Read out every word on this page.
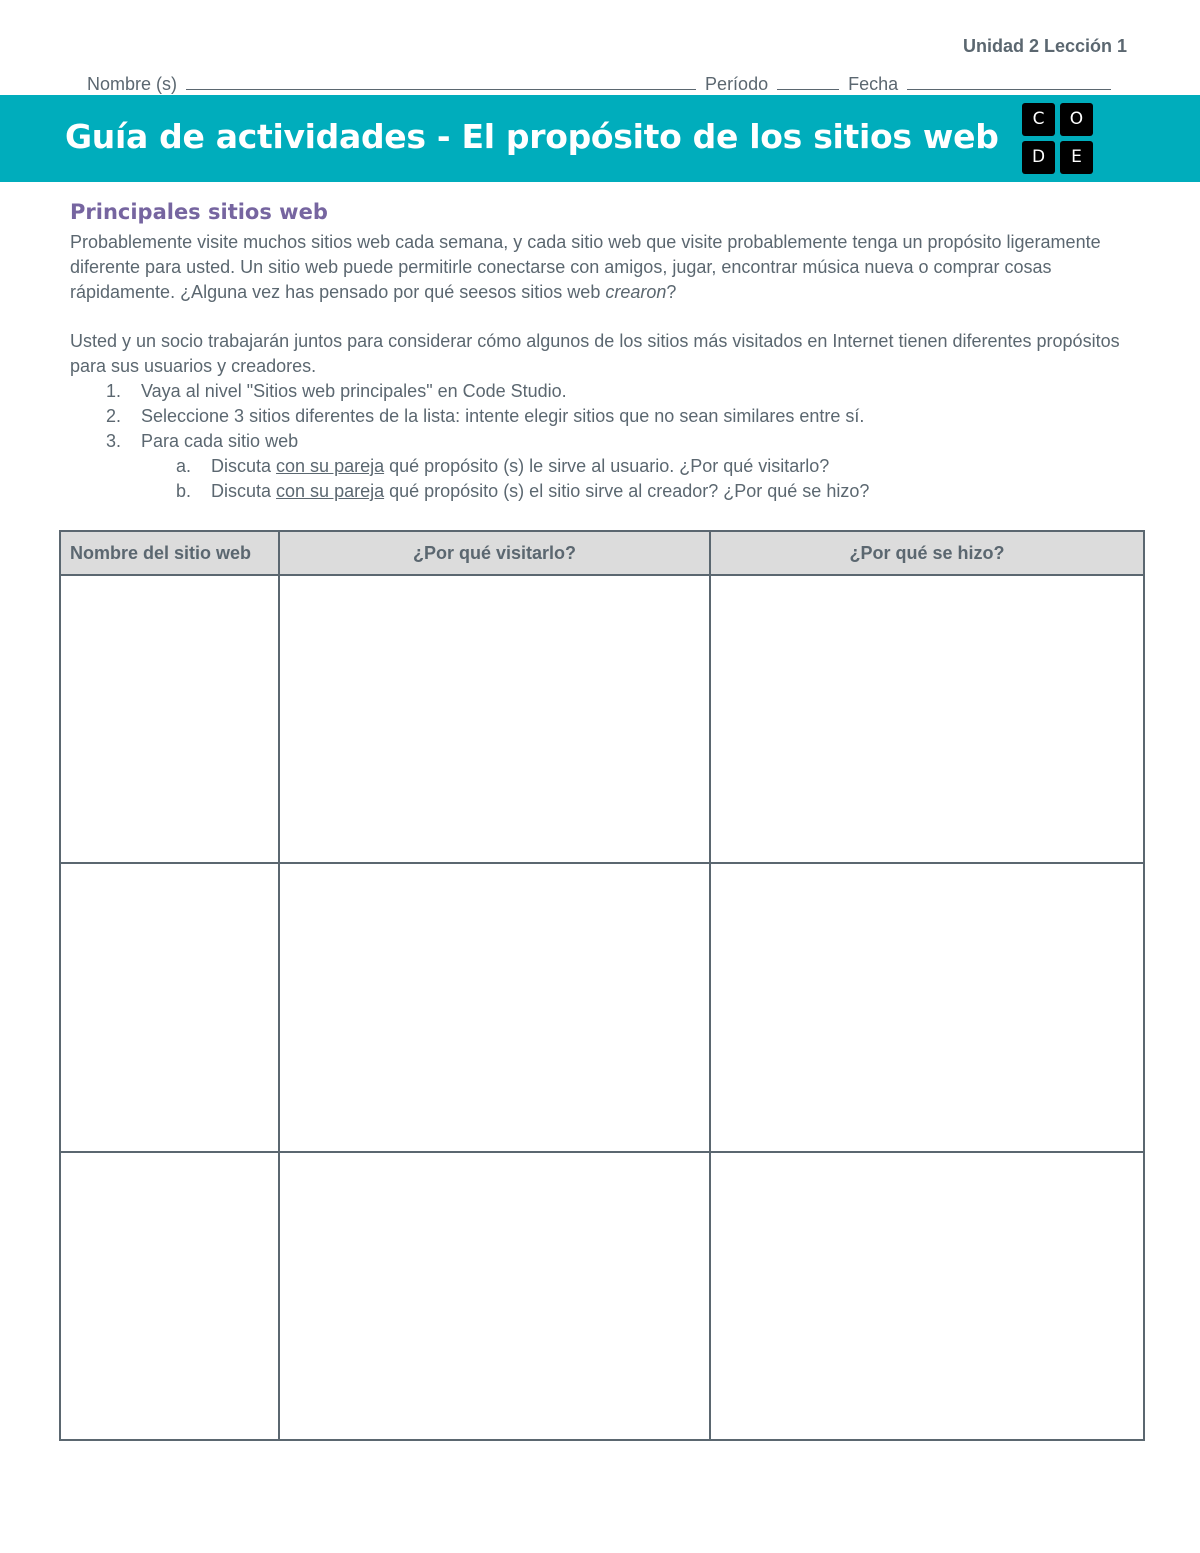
Unidad 2 Lección 1
Nombre (s)	Período	Fecha
Guía de actividades - El propósito de los sitios web	C	O
D	E
Principales sitios web

Probablemente visite muchos sitios web cada semana, y cada sitio web que visite probablemente tenga un propósito ligeramente diferente para usted. Un sitio web puede permitirle conectarse con amigos, jugar, encontrar música nueva o comprar cosas rápidamente. ¿Alguna vez has pensado por qué seesos sitios web crearon?

Usted y un socio trabajarán juntos para considerar cómo algunos de los sitios más visitados en Internet tienen diferentes propósitos para sus usuarios y creadores.

1. Vaya al nivel "Sitios web principales" en Code Studio.
2. Seleccione 3 sitios diferentes de la lista: intente elegir sitios que no sean similares entre sí.
3. Para cada sitio web
a. Discuta con su pareja qué propósito (s) le sirve al usuario. ¿Por qué visitarlo?
b. Discuta con su pareja qué propósito (s) el sitio sirve al creador? ¿Por qué se hizo?
Nombre del sitio web	¿Por qué visitarlo?	¿Por qué se hizo?
